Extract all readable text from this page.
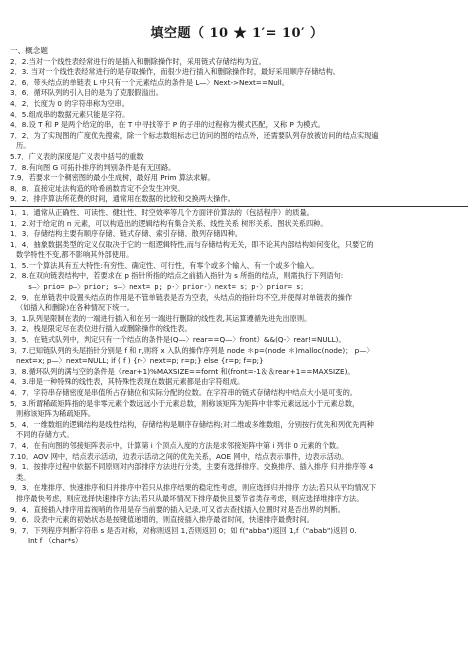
填空题（ 10 ★ 1′= 10′ ）
一、概念题
2．2.当对一个线性表经常进行的是插入和删除操作时，采用链式存储结构为宜。
2．3. 当对一个线性表经常进行的是存取操作，而很少进行插入和删除操作时，最好采用顺序存储结构。
2．6．带头结点的单链表 L 中只有一个元素结点的条件是 L—〉Next->Next==Null。
3．6．循环队列的引入目的是为了克服假溢出。
4．2．长度为 0 的字符串称为空串。
4．5.组成串的数据元素只能是字符。
4．8.设 T 和 P 是两个给定的串，在 T 中寻找等于 P 的子串的过程称为模式匹配，又称 P 为模式。
7．2．为了实现图的广度优先搜索，除一个标志数组标志已访问的图的结点外，还需要队列存放被访问的结点实现遍
历。
5.7．广义表的深度是广义表中括号的重数
7．8.有向图 G 可拓扑排序的判别条件是有无回路。
7.9．若要求一个稠密图的最小生成树，最好用 Prim 算法求解。
8．8．直接定址法构造的哈希函数肯定不会发生冲突。
9．2．排序算法所花费的时间，通常用在数据的比较和交换两大操作。
1．1．通常从正确性、可读性、健壮性、时空效率等几个方面评价算法的（包括程序）的质量。
1．2.对于给定的 n 元素，可以构造出的逻辑结构有集合关系、线性关系 树形关系、图状关系四种。
1．3．存储结构主要有顺序存储、链式存储、索引存储、散列存储四种。
1．4．抽象数据类型的定义仅取决于它的一组逻辑特性,而与存储结构无关，即不论其内部结构如何变化，只要它的
数学特性不变,都不影响其外部使用。
1．5.一个算法具有五大特性:有穷性、确定性、可行性，有零个或多个输入、有一个或多个输入。
2．8.在双向链表结构中，若要求在 p 指针所指的结点之前插入指针为 s 所指的结点，则需执行下列语句:
s—〉prio= p—〉prior; s—〉next= p; p-〉prior-〉next= s；p-〉prior= s；
2．9．在单链表中设置头结点的作用是不管单链表是否为空表，头结点的指针均不空,并使得对单链表的操作
（如插入和删除)在各种情况下统一。
3．1.队列是限制在表的一端进行插入和在另一端进行删除的线性表,其运算遵循先进先出原则。
3．2．栈是限定尽在表位进行插入或删除操作的线性表。
3．5．在链式队列中，判定只有一个结点的条件是(Q—〉rear==Q—〉front）&&(Q-〉rear!=NULL)。
3．7.已知链队列的头尾指针分别是 f 和 r,则将 x 入队的操作序列是 node ＊p=(node ＊)malloc(node)； p—〉
next=x; p—〉next=NULL; if ( f ) {r-〉next=p; r=p;} else {r=p; f=p;}
3．8.循环队列的满与空的条件是（rear+1)%MAXSIZE==fornt 和(front=-1＆＆rear+1==MAXSIZE)。
4．3.串是一种特殊的线性表，其特殊性表现在数据元素都是由字符组成。
4．7．字符串存储密度是串值所占存储位和实际分配的位数。在字符串的链式存储结构中结点大小是可变的。
5．3.所谓稀疏矩阵指的是非零元素个数远远小于元素总数，则称该矩阵为矩阵中非零元素远远小于元素总数，
则称该矩阵为稀疏矩阵。
5．4．一维数组的逻辑结构是线性结构，存储结构是顺序存储结构;对二维或多维数组，分别按行优先和列优先两种
不同的存储方式。
7．4．在有向图的邻接矩阵表示中，计算第 i 个顶点入度的方法是求邻接矩阵中第 i 列非 0 元素的个数。
7.10．AOV 网中，结点表示活动，边表示活动之间的优先关系，AOE 网中，结点表示事件，边表示活动。
9．1．按排序过程中依据不同原则对内部排序方法进行分类，主要有选择排序、交换排序、插入排序 归并排序等 4
类。
9．3．在堆排序、快速排序和归并排序中若只从排序结果的稳定性考虑，则应选择归并排序 方法;若只从平均情况下
排序最快考虑，则应选择快速排序方法;若只从最坏情况下排序最快且要节省类存考虑，则应选择堆排序方法。
9．4．直接插入排序用监视哨的作用是存当前要的插入记录,可又省去查找插入位置时对是否出界的判断。
9．6．设表中元素的初始状态是按键值递增的，则直接插入排序最省时间，快速排序最费时间。
9．7．下列程序判断字符串 s 是否对称，对称则返回 1,否则返回 0；如 f("abba")返回 1,f（"abab")返回 0.
Int f （char*s）
